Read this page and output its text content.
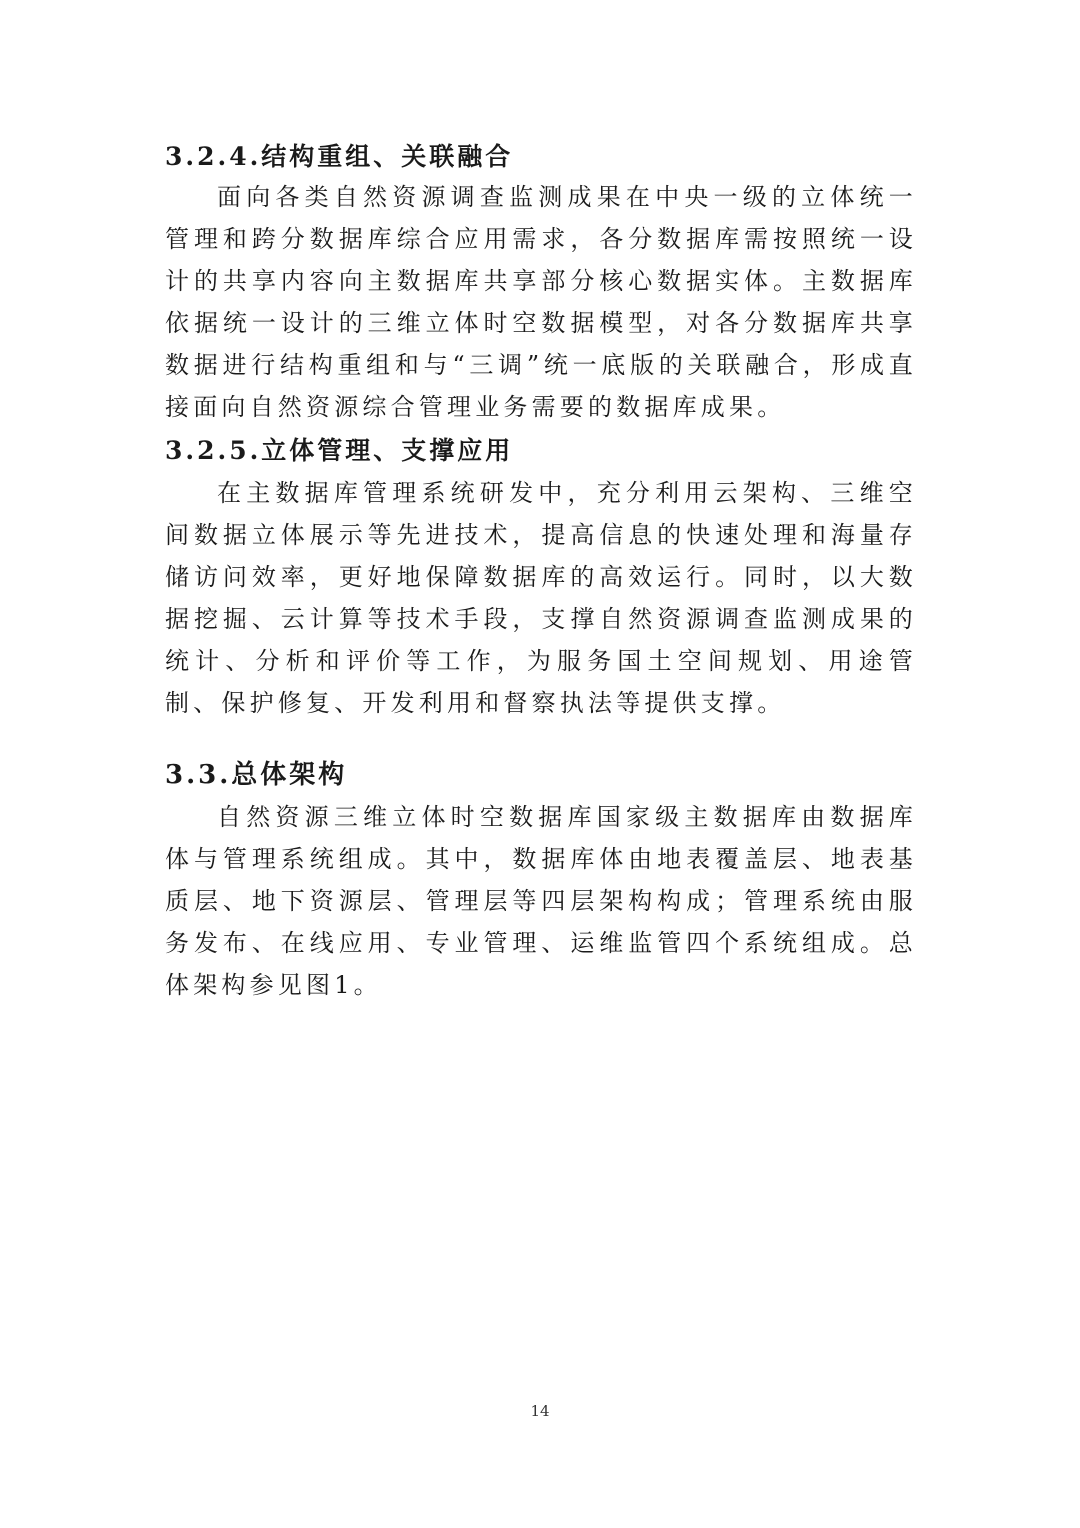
3.2.4.结构重组、关联融合

面向各类自然资源调查监测成果在中央一级的立体统一管理和跨分数据库综合应用需求，各分数据库需按照统一设计的共享内容向主数据库共享部分核心数据实体。主数据库依据统一设计的三维立体时空数据模型，对各分数据库共享数据进行结构重组和与“三调”统一底版的关联融合，形成直接面向自然资源综合管理业务需要的数据库成果。

3.2.5.立体管理、支撑应用

在主数据库管理系统研发中，充分利用云架构、三维空间数据立体展示等先进技术，提高信息的快速处理和海量存储访问效率，更好地保障数据库的高效运行。同时，以大数据挖掘、云计算等技术手段，支撑自然资源调查监测成果的统计、分析和评价等工作，为服务国土空间规划、用途管制、保护修复、开发利用和督察执法等提供支撑。

3.3.总体架构

自然资源三维立体时空数据库国家级主数据库由数据库体与管理系统组成。其中，数据库体由地表覆盖层、地表基质层、地下资源层、管理层等四层架构构成；管理系统由服务发布、在线应用、专业管理、运维监管四个系统组成。总体架构参见图1。

14
